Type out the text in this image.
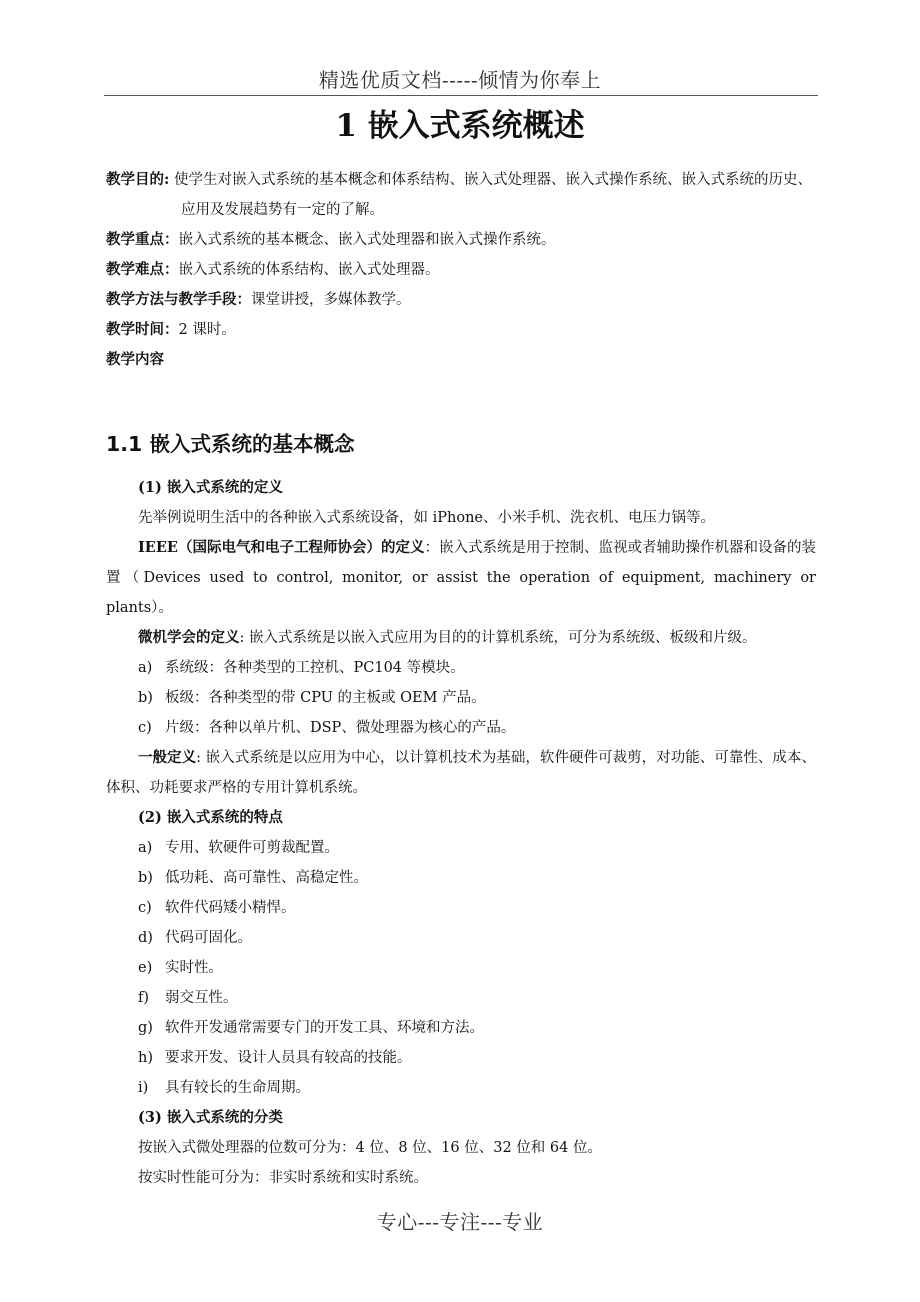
精选优质文档-----倾情为你奉上
1 嵌入式系统概述

教学目的: 使学生对嵌入式系统的基本概念和体系结构、嵌入式处理器、嵌入式操作系统、嵌入式系统的历史、应用及发展趋势有一定的了解。

教学重点：嵌入式系统的基本概念、嵌入式处理器和嵌入式操作系统。

教学难点：嵌入式系统的体系结构、嵌入式处理器。

教学方法与教学手段：课堂讲授，多媒体教学。

教学时间：2 课时。

教学内容

1.1 嵌入式系统的基本概念

(1) 嵌入式系统的定义

先举例说明生活中的各种嵌入式系统设备，如 iPhone、小米手机、洗衣机、电压力锅等。

IEEE（国际电气和电子工程师协会）的定义：嵌入式系统是用于控制、监视或者辅助操作机器和设备的装置（Devices used to control, monitor, or assist the operation of equipment, machinery or plants）。

微机学会的定义: 嵌入式系统是以嵌入式应用为目的的计算机系统，可分为系统级、板级和片级。

a) 系统级：各种类型的工控机、PC104 等模块。

b) 板级：各种类型的带 CPU 的主板或 OEM 产品。

c) 片级：各种以单片机、DSP、微处理器为核心的产品。

一般定义: 嵌入式系统是以应用为中心，以计算机技术为基础，软件硬件可裁剪，对功能、可靠性、成本、体积、功耗要求严格的专用计算机系统。

(2) 嵌入式系统的特点

a) 专用、软硬件可剪裁配置。

b) 低功耗、高可靠性、高稳定性。

c) 软件代码矮小精悍。

d) 代码可固化。

e) 实时性。

f) 弱交互性。

g) 软件开发通常需要专门的开发工具、环境和方法。

h) 要求开发、设计人员具有较高的技能。

i) 具有较长的生命周期。

(3) 嵌入式系统的分类

按嵌入式微处理器的位数可分为：4 位、8 位、16 位、32 位和 64 位。

按实时性能可分为：非实时系统和实时系统。

专心---专注---专业
